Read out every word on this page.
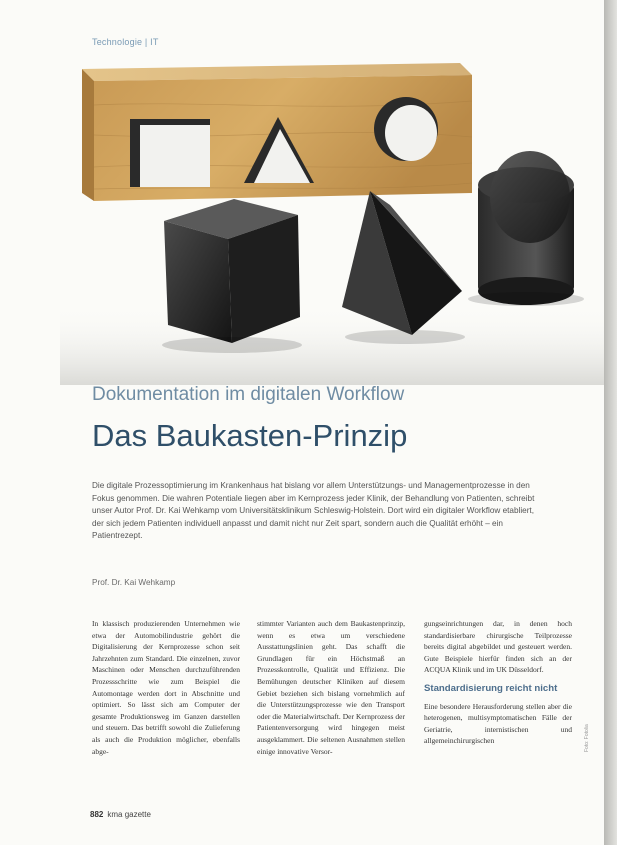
Technologie | IT
Dokumentation im digitalen Workflow
Das Baukasten-Prinzip
Die digitale Prozessoptimierung im Krankenhaus hat bislang vor allem Unterstützungs- und Managementprozesse in den Fokus genommen. Die wahren Potentiale liegen aber im Kernprozess jeder Klinik, der Behandlung von Patienten, schreibt unser Autor Prof. Dr. Kai Wehkamp vom Universitätsklinikum Schleswig-Holstein. Dort wird ein digitaler Workflow etabliert, der sich jedem Patienten individuell anpasst und damit nicht nur Zeit spart, sondern auch die Qualität erhöht – ein Patientrezept.
Prof. Dr. Kai Wehkamp

In klassisch produzierenden Unternehmen wie etwa der Automobilindustrie gehört die Digitalisierung der Kernprozesse schon seit Jahrzehnten zum Standard. Die einzelnen, zuvor Maschinen oder Menschen durchzuführenden Prozessschritte wie zum Beispiel die Automontage werden dort in Abschnitte und optimiert. So lässt sich am Computer der gesamte Produktionsweg im Ganzen darstellen und steuern. Das betrifft sowohl die Zulieferung als auch die Produktion möglicher, ebenfalls abge-

stimmter Varianten auch dem Baukastenprinzip, wenn es etwa um verschiedene Ausstattungslinien geht. Das schafft die Grundlagen für ein Höchstmaß an Prozesskontrolle, Qualität und Effizienz. Die Bemühungen deutscher Kliniken auf diesem Gebiet beziehen sich bislang vornehmlich auf die Unterstützungsprozesse wie den Transport oder die Materialwirtschaft. Der Kernprozess der Patientenversorgung wird hingegen meist ausgeklammert. Die seltenen Ausnahmen stellen einige innovative Versor-

gungseinrichtungen dar, in denen hoch standardisierbare chirurgische Teilprozesse bereits digital abgebildet und gesteuert werden. Gute Beispiele hierfür finden sich an der ACQUA Klinik und im UK Düsseldorf.

Standardisierung reicht nicht

Eine besondere Herausforderung stellen aber die heterogenen, multisymptomatischen Fälle der Geriatrie, internistischen und allgemeinchirurgischen	Foto: Fotolia
882 kma gazette
